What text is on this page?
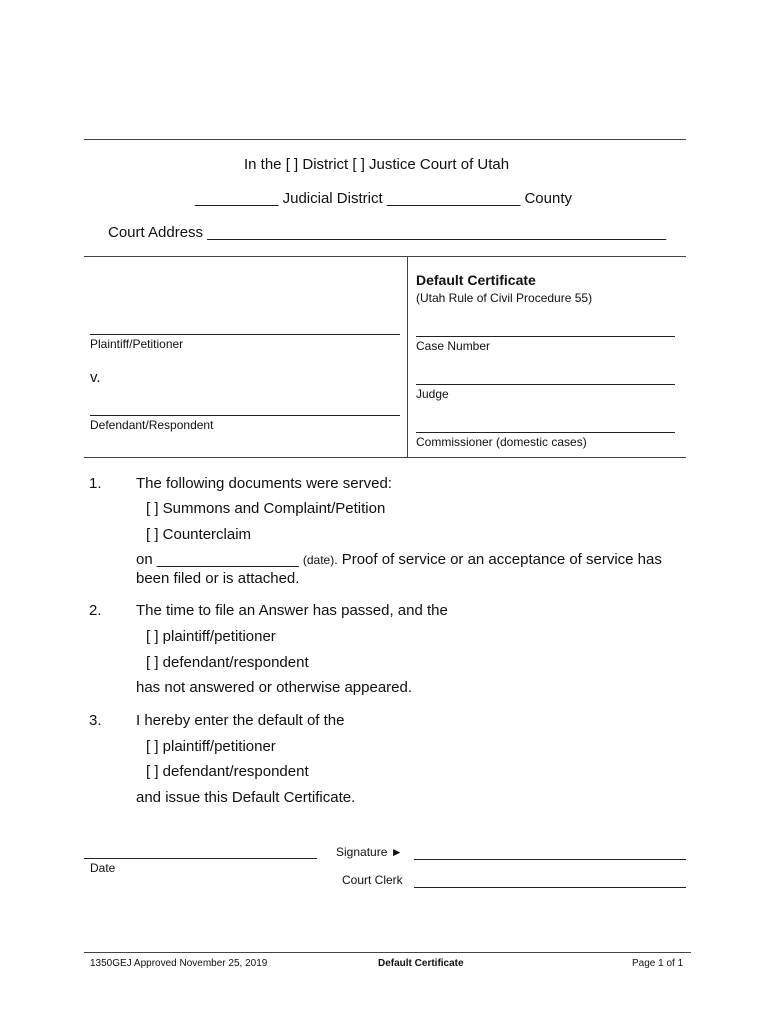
In the [ ] District [ ] Justice Court of Utah
__________ Judicial District ________________ County
Court Address _______________________________________________________
Plaintiff/Petitioner
v.
Defendant/Respondent
Default Certificate
(Utah Rule of Civil Procedure 55)
Case Number
Judge
Commissioner (domestic cases)
1. The following documents were served:
[ ] Summons and Complaint/Petition
[ ] Counterclaim
on _________________ (date). Proof of service or an acceptance of service has
been filed or is attached.
2. The time to file an Answer has passed, and the
[ ] plaintiff/petitioner
[ ] defendant/respondent
has not answered or otherwise appeared.
3. I hereby enter the default of the
[ ] plaintiff/petitioner
[ ] defendant/respondent
and issue this Default Certificate.
Date
Signature ►
Court Clerk
1350GEJ Approved November 25, 2019	Default Certificate	Page 1 of 1
